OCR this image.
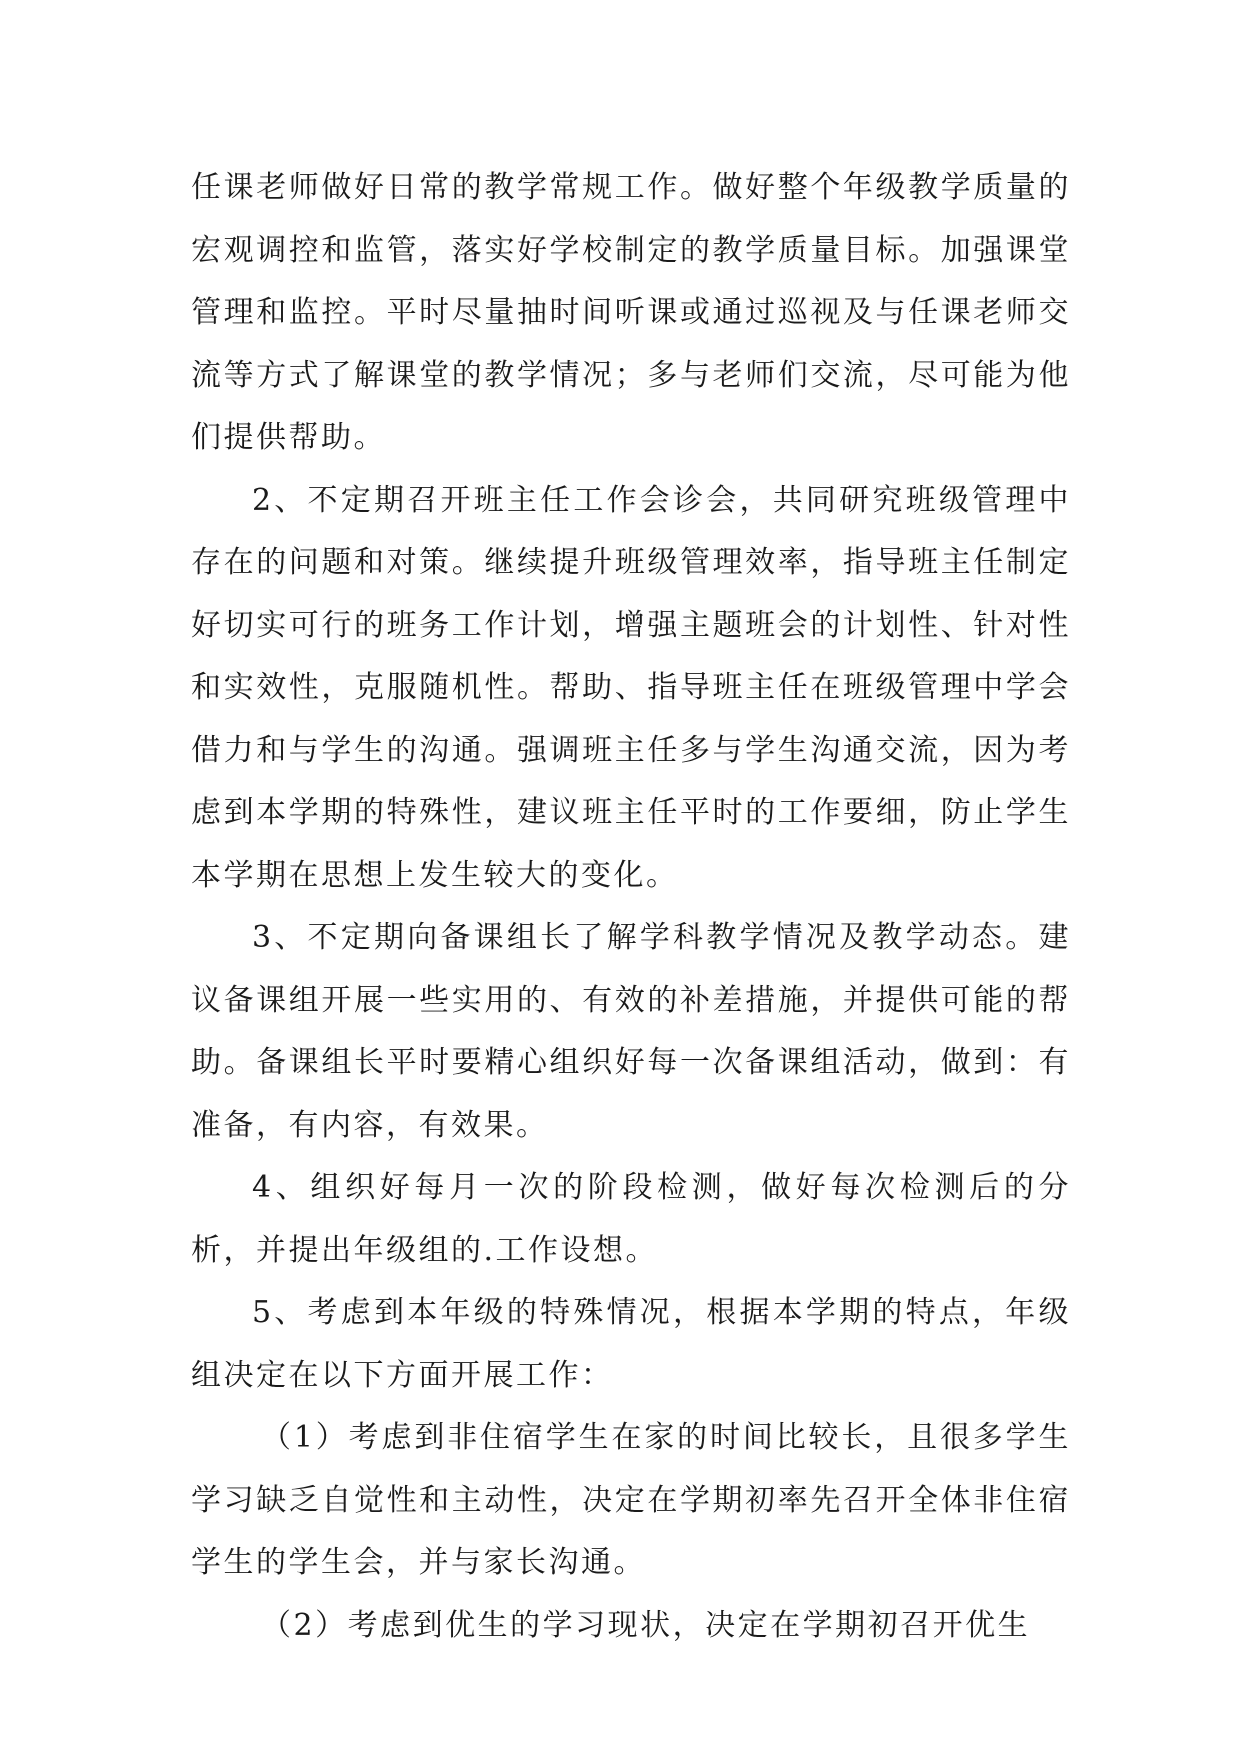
任课老师做好日常的教学常规工作。做好整个年级教学质量的宏观调控和监管，落实好学校制定的教学质量目标。加强课堂管理和监控。平时尽量抽时间听课或通过巡视及与任课老师交流等方式了解课堂的教学情况；多与老师们交流，尽可能为他们提供帮助。

2、不定期召开班主任工作会诊会，共同研究班级管理中存在的问题和对策。继续提升班级管理效率，指导班主任制定好切实可行的班务工作计划，增强主题班会的计划性、针对性和实效性，克服随机性。帮助、指导班主任在班级管理中学会借力和与学生的沟通。强调班主任多与学生沟通交流，因为考虑到本学期的特殊性，建议班主任平时的工作要细，防止学生本学期在思想上发生较大的变化。

3、不定期向备课组长了解学科教学情况及教学动态。建议备课组开展一些实用的、有效的补差措施，并提供可能的帮助。备课组长平时要精心组织好每一次备课组活动，做到：有准备，有内容，有效果。

4、组织好每月一次的阶段检测，做好每次检测后的分析，并提出年级组的.工作设想。

5、考虑到本年级的特殊情况，根据本学期的特点，年级组决定在以下方面开展工作：

（1）考虑到非住宿学生在家的时间比较长，且很多学生学习缺乏自觉性和主动性，决定在学期初率先召开全体非住宿学生的学生会，并与家长沟通。

（2）考虑到优生的学习现状，决定在学期初召开优生
